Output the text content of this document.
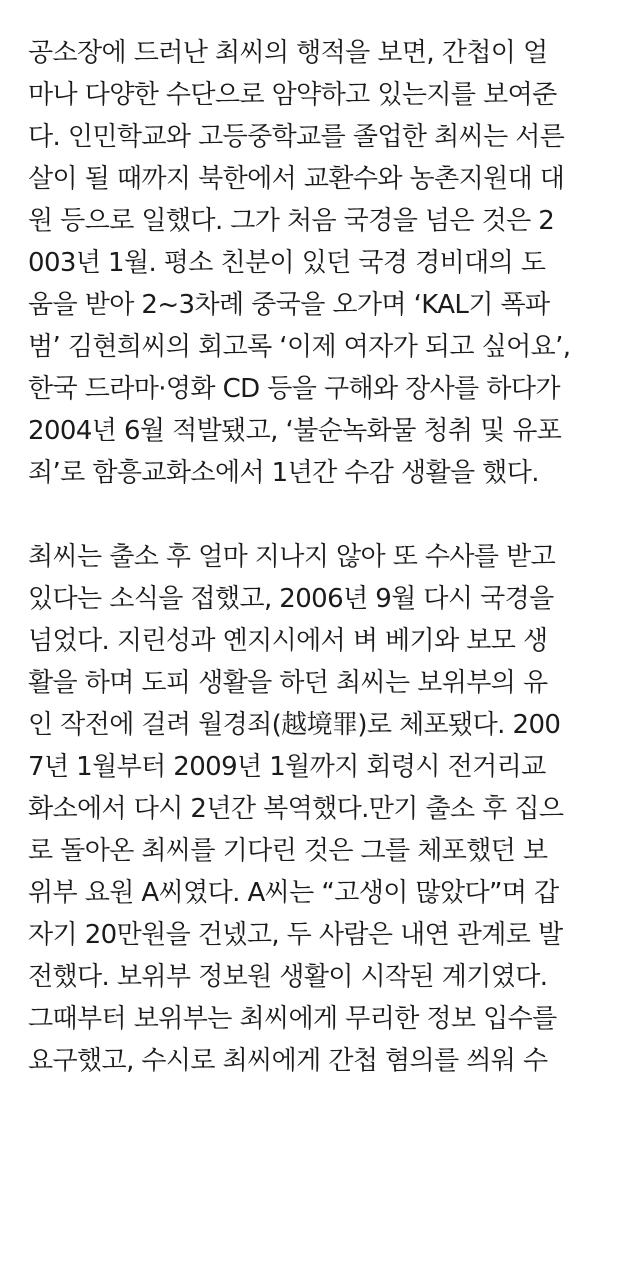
공소장에 드러난 최씨의 행적을 보면, 간첩이 얼
마나 다양한 수단으로 암약하고 있는지를 보여준
다. 인민학교와 고등중학교를 졸업한 최씨는 서른
살이 될 때까지 북한에서 교환수와 농촌지원대 대
원 등으로 일했다. 그가 처음 국경을 넘은 것은 2
003년 1월. 평소 친분이 있던 국경 경비대의 도
움을 받아 2~3차례 중국을 오가며 ‘KAL기 폭파
범’ 김현희씨의 회고록 ‘이제 여자가 되고 싶어요’,
한국 드라마·영화 CD 등을 구해와 장사를 하다가
2004년 6월 적발됐고, ‘불순녹화물 청취 및 유포
죄’로 함흥교화소에서 1년간 수감 생활을 했다.
최씨는 출소 후 얼마 지나지 않아 또 수사를 받고
있다는 소식을 접했고, 2006년 9월 다시 국경을
넘었다. 지린성과 옌지시에서 벼 베기와 보모 생
활을 하며 도피 생활을 하던 최씨는 보위부의 유
인 작전에 걸려 월경죄(越境罪)로 체포됐다. 200
7년 1월부터 2009년 1월까지 회령시 전거리교
화소에서 다시 2년간 복역했다.만기 출소 후 집으
로 돌아온 최씨를 기다린 것은 그를 체포했던 보
위부 요원 A씨였다. A씨는 “고생이 많았다”며 갑
자기 20만원을 건넸고, 두 사람은 내연 관계로 발
전했다. 보위부 정보원 생활이 시작된 계기였다.
그때부터 보위부는 최씨에게 무리한 정보 입수를
요구했고, 수시로 최씨에게 간첩 혐의를 씌워 수
